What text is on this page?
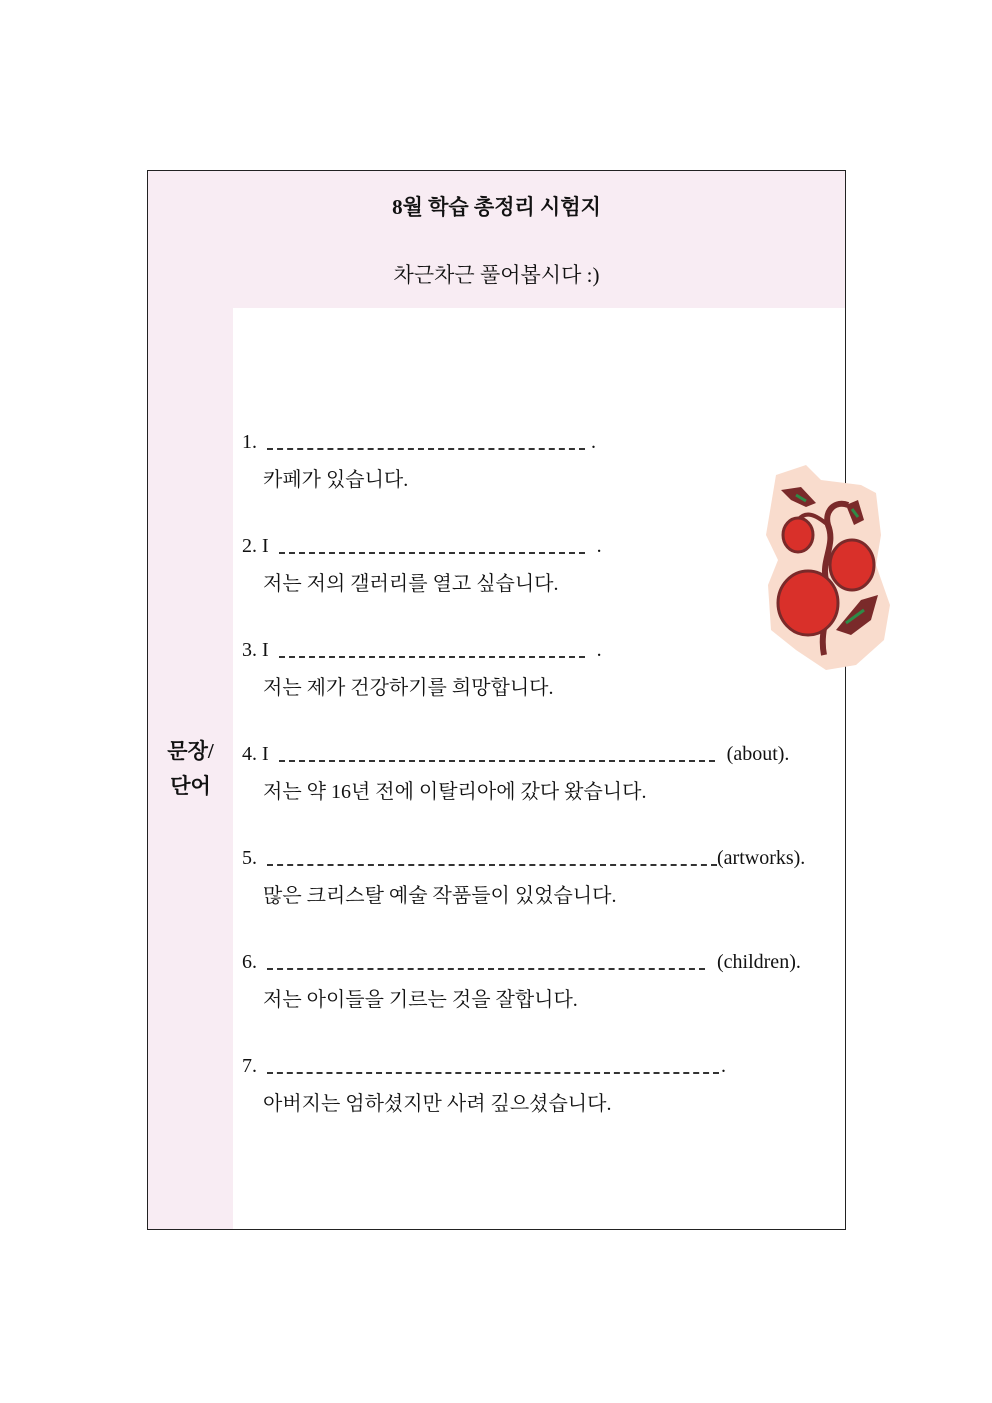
8월 학습 총정리 시험지
차근차근 풀어봅시다 :)
문장/
단어
1.	.
카페가 있습니다.
2.
I	.
저는 저의 갤러리를 열고 싶습니다.
3.
I	.
저는 제가 건강하기를 희망합니다.
4.
I	(about).
저는 약 16년 전에 이탈리아에 갔다 왔습니다.
5.	(artworks).
많은 크리스탈 예술 작품들이 있었습니다.
6.	(children).
저는 아이들을 기르는 것을 잘합니다.
7.	.
아버지는 엄하셨지만 사려 깊으셨습니다.
